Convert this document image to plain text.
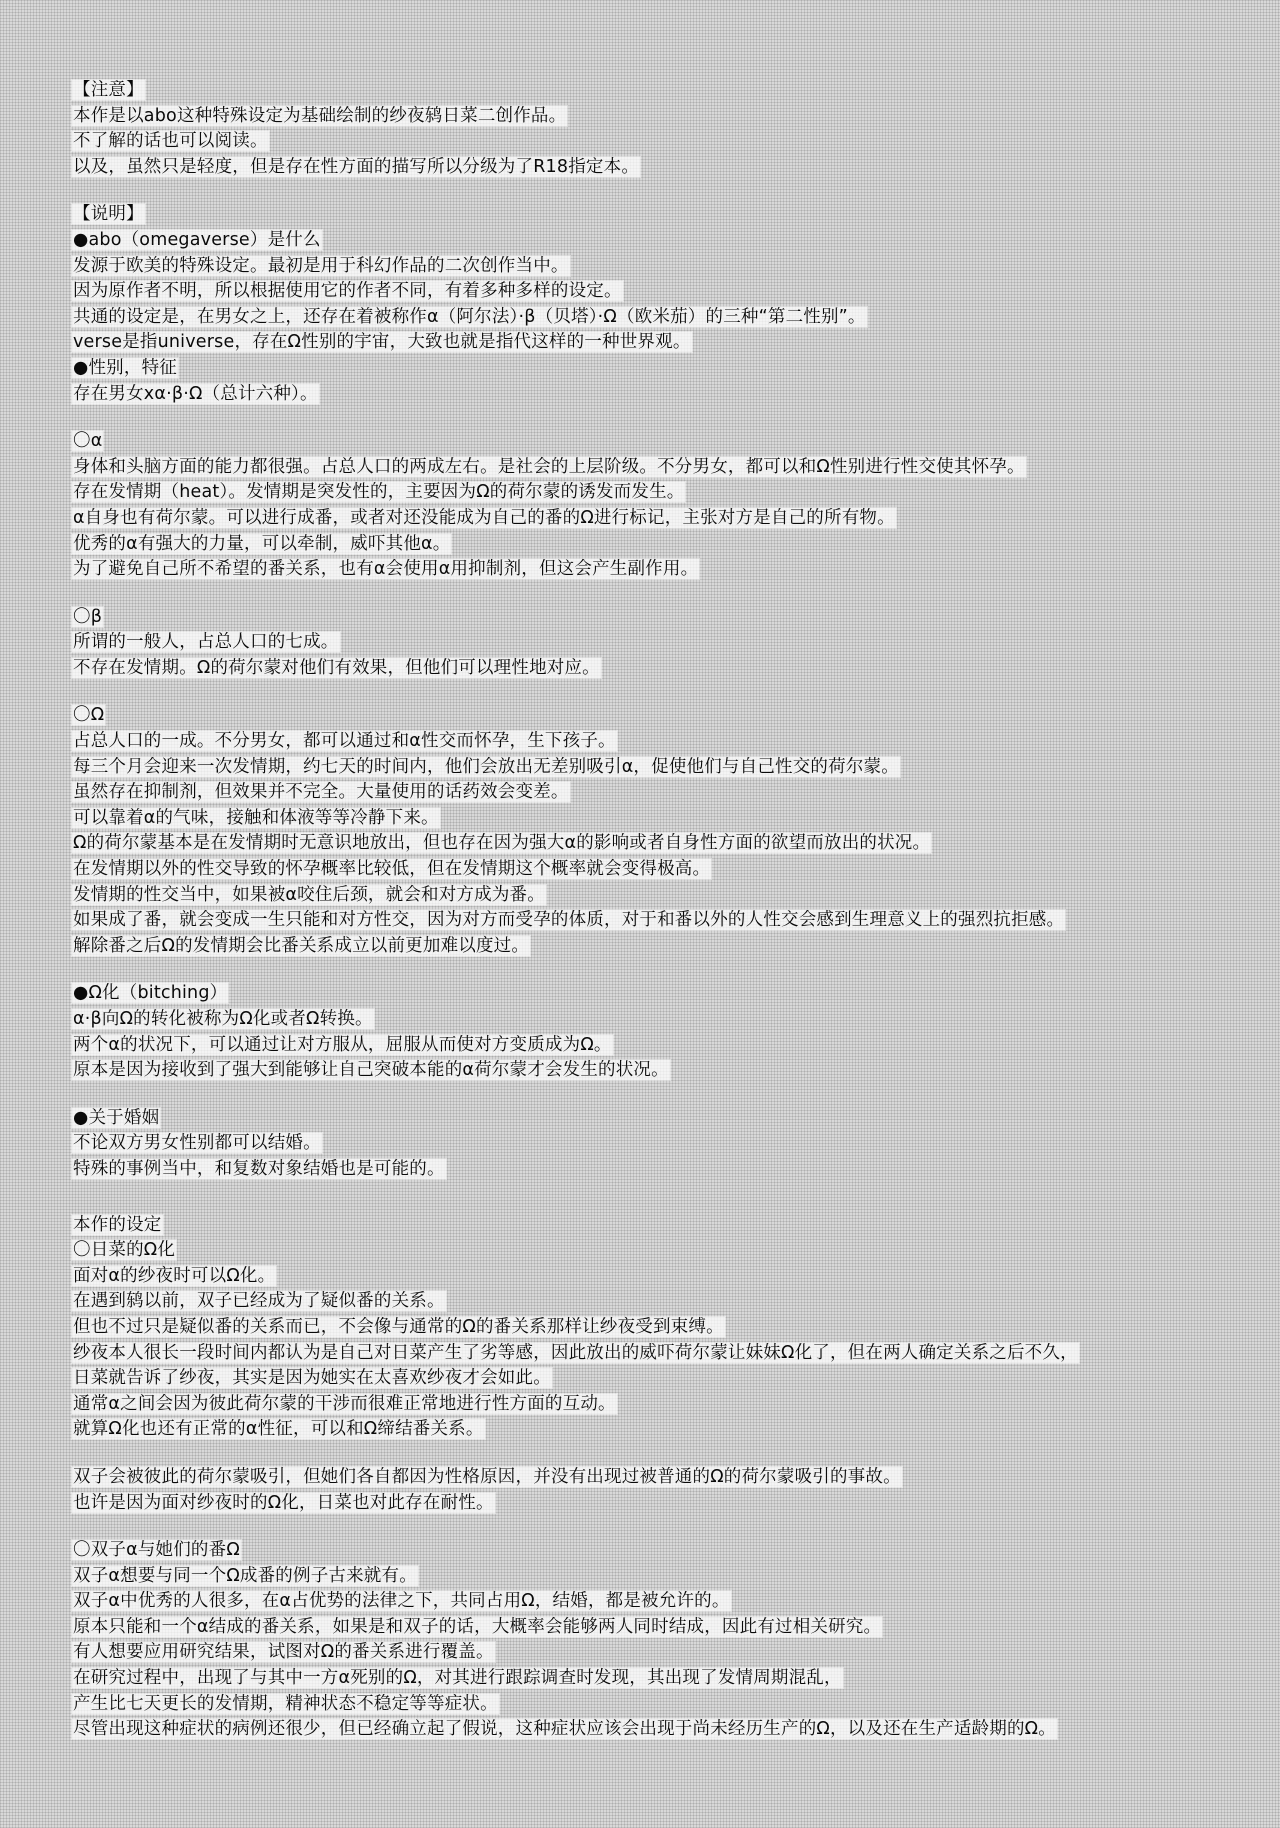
【注意】
本作是以abo这种特殊设定为基础绘制的纱夜鸫日菜二创作品。
不了解的话也可以阅读。
以及，虽然只是轻度，但是存在性方面的描写所以分级为了R18指定本。
【说明】
●abo（omegaverse）是什么
发源于欧美的特殊设定。最初是用于科幻作品的二次创作当中。
因为原作者不明，所以根据使用它的作者不同，有着多种多样的设定。
共通的设定是，在男女之上，还存在着被称作α（阿尔法）·β（贝塔）·Ω（欧米茄）的三种“第二性别”。
verse是指universe，存在Ω性别的宇宙，大致也就是指代这样的一种世界观。
●性别，特征
存在男女xα·β·Ω（总计六种）。
〇α
身体和头脑方面的能力都很强。占总人口的两成左右。是社会的上层阶级。不分男女，都可以和Ω性别进行性交使其怀孕。
存在发情期（heat）。发情期是突发性的，主要因为Ω的荷尔蒙的诱发而发生。
α自身也有荷尔蒙。可以进行成番，或者对还没能成为自己的番的Ω进行标记，主张对方是自己的所有物。
优秀的α有强大的力量，可以牵制，威吓其他α。
为了避免自己所不希望的番关系，也有α会使用α用抑制剂，但这会产生副作用。
〇β
所谓的一般人，占总人口的七成。
不存在发情期。Ω的荷尔蒙对他们有效果，但他们可以理性地对应。
〇Ω
占总人口的一成。不分男女，都可以通过和α性交而怀孕，生下孩子。
每三个月会迎来一次发情期，约七天的时间内，他们会放出无差别吸引α，促使他们与自己性交的荷尔蒙。
虽然存在抑制剂，但效果并不完全。大量使用的话药效会变差。
可以靠着α的气味，接触和体液等等冷静下来。
Ω的荷尔蒙基本是在发情期时无意识地放出，但也存在因为强大α的影响或者自身性方面的欲望而放出的状况。
在发情期以外的性交导致的怀孕概率比较低，但在发情期这个概率就会变得极高。
发情期的性交当中，如果被α咬住后颈，就会和对方成为番。
如果成了番，就会变成一生只能和对方性交，因为对方而受孕的体质，对于和番以外的人性交会感到生理意义上的强烈抗拒感。
解除番之后Ω的发情期会比番关系成立以前更加难以度过。
●Ω化（bitching）
α·β向Ω的转化被称为Ω化或者Ω转换。
两个α的状况下，可以通过让对方服从，屈服从而使对方变质成为Ω。
原本是因为接收到了强大到能够让自己突破本能的α荷尔蒙才会发生的状况。
●关于婚姻
不论双方男女性别都可以结婚。
特殊的事例当中，和复数对象结婚也是可能的。
本作的设定
〇日菜的Ω化
面对α的纱夜时可以Ω化。
在遇到鸫以前，双子已经成为了疑似番的关系。
但也不过只是疑似番的关系而已，不会像与通常的Ω的番关系那样让纱夜受到束缚。
纱夜本人很长一段时间内都认为是自己对日菜产生了劣等感，因此放出的威吓荷尔蒙让妹妹Ω化了，但在两人确定关系之后不久，
日菜就告诉了纱夜，其实是因为她实在太喜欢纱夜才会如此。
通常α之间会因为彼此荷尔蒙的干涉而很难正常地进行性方面的互动。
就算Ω化也还有正常的α性征，可以和Ω缔结番关系。
双子会被彼此的荷尔蒙吸引，但她们各自都因为性格原因，并没有出现过被普通的Ω的荷尔蒙吸引的事故。
也许是因为面对纱夜时的Ω化，日菜也对此存在耐性。
〇双子α与她们的番Ω
双子α想要与同一个Ω成番的例子古来就有。
双子α中优秀的人很多，在α占优势的法律之下，共同占用Ω，结婚，都是被允许的。
原本只能和一个α结成的番关系，如果是和双子的话，大概率会能够两人同时结成，因此有过相关研究。
有人想要应用研究结果，试图对Ω的番关系进行覆盖。
在研究过程中，出现了与其中一方α死别的Ω，对其进行跟踪调查时发现，其出现了发情周期混乱，
产生比七天更长的发情期，精神状态不稳定等等症状。
尽管出现这种症状的病例还很少，但已经确立起了假说，这种症状应该会出现于尚未经历生产的Ω，以及还在生产适龄期的Ω。
